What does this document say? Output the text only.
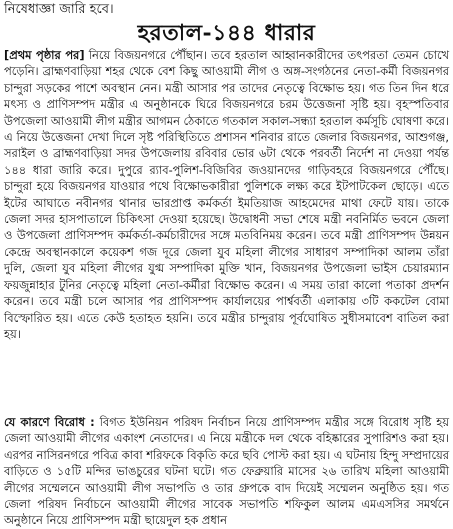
নিষেধাজ্ঞা জারি হবে।
হরতাল-১৪৪ ধারার
[প্রথম পৃষ্ঠার পর] নিয়ে বিজয়নগরে পৌঁছান। তবে হরতাল আহ্বানকারীদের তৎপরতা তেমন চোখে পড়েনি। ব্রাহ্মণবাড়িয়া শহর থেকে বেশ কিছু আওয়ামী লীগ ও অঙ্গ-সংগঠনের নেতা-কর্মী বিজয়নগর চান্দুরা সড়কের পাশে অবস্থান নেন। মন্ত্রী আসার পর তাদের নেতৃত্বে বিক্ষোভ হয়। গত তিন দিন ধরে মৎস্য ও প্রাণিসম্পদ মন্ত্রীর এ অনুষ্ঠানকে ঘিরে বিজয়নগরে চরম উত্তেজনা সৃষ্টি হয়। বৃহস্পতিবার উপজেলা আওয়ামী লীগ মন্ত্রীর আগমন ঠেকাতে গতকাল সকাল-সন্ধ্যা হরতাল কর্মসূচি ঘোষণা করে। এ নিয়ে উত্তেজনা দেখা দিলে সৃষ্ট পরিস্থিতিতে প্রশাসন শনিবার রাতে জেলার বিজয়নগর, আশুগঞ্জ, সরাইল ও ব্রাহ্মণবাড়িয়া সদর উপজেলায় রবিবার ভোর ৬টা থেকে পরবর্তী নির্দেশ না দেওয়া পর্যন্ত ১৪৪ ধারা জারি করে। দুপুরে র‌্যাব-পুলিশ-বিজিবির জওয়ানদের গাড়িবহরে বিজয়নগরে পৌঁছে। চান্দুরা হয়ে বিজয়নগর যাওয়ার পথে বিক্ষোভকারীরা পুলিশকে লক্ষ্য করে ইটপাটকেল ছোড়ে। এতে ইটের আঘাতে নবীনগর থানার ভারপ্রাপ্ত কর্মকর্তা ইমতিয়াজ আহমেদের মাথা ফেটে যায়। তাকে জেলা সদর হাসপাতালে চিকিৎসা দেওয়া হয়েছে। উদ্বোধনী সভা শেষে মন্ত্রী নবনির্মিত ভবনে জেলা ও উপজেলা প্রাণিসম্পদ কর্মকর্তা-কর্মচারীদের সঙ্গে মতবিনিময় করেন। তবে মন্ত্রী প্রাণিসম্পদ উন্নয়ন কেন্দ্রে অবস্থানকালে কয়েকশ গজ দূরে জেলা যুব মহিলা লীগের সাধারণ সম্পাদিকা আলম তাঁরা দুলি, জেলা যুব মহিলা লীগের যুগ্ম সম্পাদিকা মুক্তি খান, বিজয়নগর উপজেলা ভাইস চেয়ারম্যান ফয়জুন্নাহার টুনির নেতৃত্বে মহিলা নেতা-কর্মীরা বিক্ষোভ করেন। এ সময় তারা কালো পতাকা প্রদর্শন করেন। তবে মন্ত্রী চলে আসার পর প্রাণিসম্পদ কার্যালয়ের পার্শ্ববর্তী এলাকায় ৩টি ককটেল বোমা বিস্ফোরিত হয়। এতে কেউ হতাহত হয়নি। তবে মন্ত্রীর চান্দুরায় পূর্বঘোষিত সুধীসমাবেশ বাতিল করা হয়।
যে কারণে বিরোধ : বিগত ইউনিয়ন পরিষদ নির্বাচন নিয়ে প্রাণিসম্পদ মন্ত্রীর সঙ্গে বিরোধ সৃষ্টি হয় জেলা আওয়ামী লীগের একাংশ নেতাদের। এ নিয়ে মন্ত্রীকে দল থেকে বহিষ্কারের সুপারিশও করা হয়। এরপর নাসিরনগরে পবিত্র কাবা শরিফকে বিকৃতি করে ছবি পোস্ট করা হয়। এ ঘটনায় হিন্দু সম্প্রদায়ের বাড়িতে ও ১৫টি মন্দির ভাঙচুরের ঘটনা ঘটে। গত ফেব্রুয়ারি মাসের ২৬ তারিখ মহিলা আওয়ামী লীগের সম্মেলনে আওয়ামী লীগ সভাপতি ও তার গ্রুপকে বাদ দিয়েই সম্মেলন অনুষ্ঠিত হয়। গত জেলা পরিষদ নির্বাচনে আওয়ামী লীগের সাবেক সভাপতি শফিকুল আলম এমএসসির সমর্থনে অনুষ্ঠানে নিয়ে প্রাণিসম্পদ মন্ত্রী ছায়েদুল হক প্রধান
